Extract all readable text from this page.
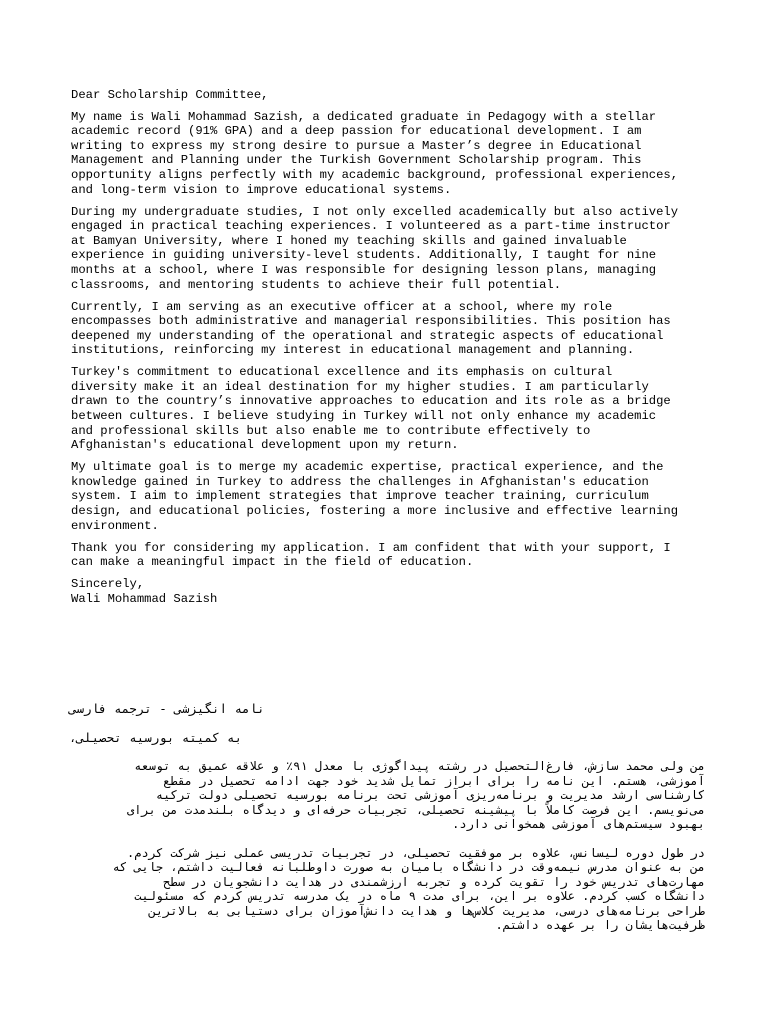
Dear Scholarship Committee,
My name is Wali Mohammad Sazish, a dedicated graduate in Pedagogy with a stellar
academic record (91% GPA) and a deep passion for educational development. I am
writing to express my strong desire to pursue a Master’s degree in Educational
Management and Planning under the Turkish Government Scholarship program. This
opportunity aligns perfectly with my academic background, professional experiences,
and long-term vision to improve educational systems.
During my undergraduate studies, I not only excelled academically but also actively
engaged in practical teaching experiences. I volunteered as a part-time instructor
at Bamyan University, where I honed my teaching skills and gained invaluable
experience in guiding university-level students. Additionally, I taught for nine
months at a school, where I was responsible for designing lesson plans, managing
classrooms, and mentoring students to achieve their full potential.
Currently, I am serving as an executive officer at a school, where my role
encompasses both administrative and managerial responsibilities. This position has
deepened my understanding of the operational and strategic aspects of educational
institutions, reinforcing my interest in educational management and planning.
Turkey's commitment to educational excellence and its emphasis on cultural
diversity make it an ideal destination for my higher studies. I am particularly
drawn to the country’s innovative approaches to education and its role as a bridge
between cultures. I believe studying in Turkey will not only enhance my academic
and professional skills but also enable me to contribute effectively to
Afghanistan's educational development upon my return.
My ultimate goal is to merge my academic expertise, practical experience, and the
knowledge gained in Turkey to address the challenges in Afghanistan's education
system. I aim to implement strategies that improve teacher training, curriculum
design, and educational policies, fostering a more inclusive and effective learning
environment.
Thank you for considering my application. I am confident that with your support, I
can make a meaningful impact in the field of education.
Sincerely,
Wali Mohammad Sazish
نامه انگیزشی - ترجمه فارسی
به کمیته بورسیه تحصیلی،
من ولی محمد سازش، فارغ‌التحصیل در رشته پیداگوژی با معدل ۹۱٪ و علاقه عمیق به توسعه
آموزشی، هستم. این نامه را برای ابراز تمایل شدید خود جهت ادامه تحصیل در مقطع
کارشناسی ارشد مدیریت و برنامه‌ریزی آموزشی تحت برنامه بورسیه تحصیلی دولت ترکیه
می‌نویسم. این فرصت کاملاً با پیشینه تحصیلی، تجربیات حرفه‌ای و دیدگاه بلندمدت من برای
بهبود سیستم‌های آموزشی همخوانی دارد.
در طول دوره لیسانس، علاوه بر موفقیت تحصیلی، در تجربیات تدریسی عملی نیز شرکت کردم.
من به عنوان مدرس نیمه‌وقت در دانشگاه بامیان به صورت داوطلبانه فعالیت داشتم، جایی که
مهارت‌های تدریس خود را تقویت کرده و تجربه ارزشمندی در هدایت دانشجویان در سطح
دانشگاه کسب کردم. علاوه بر این، برای مدت ۹ ماه در یک مدرسه تدریس کردم که مسئولیت
طراحی برنامه‌های درسی، مدیریت کلاس‌ها و هدایت دانش‌آموزان برای دستیابی به بالاترین
ظرفیت‌هایشان را بر عهده داشتم.
